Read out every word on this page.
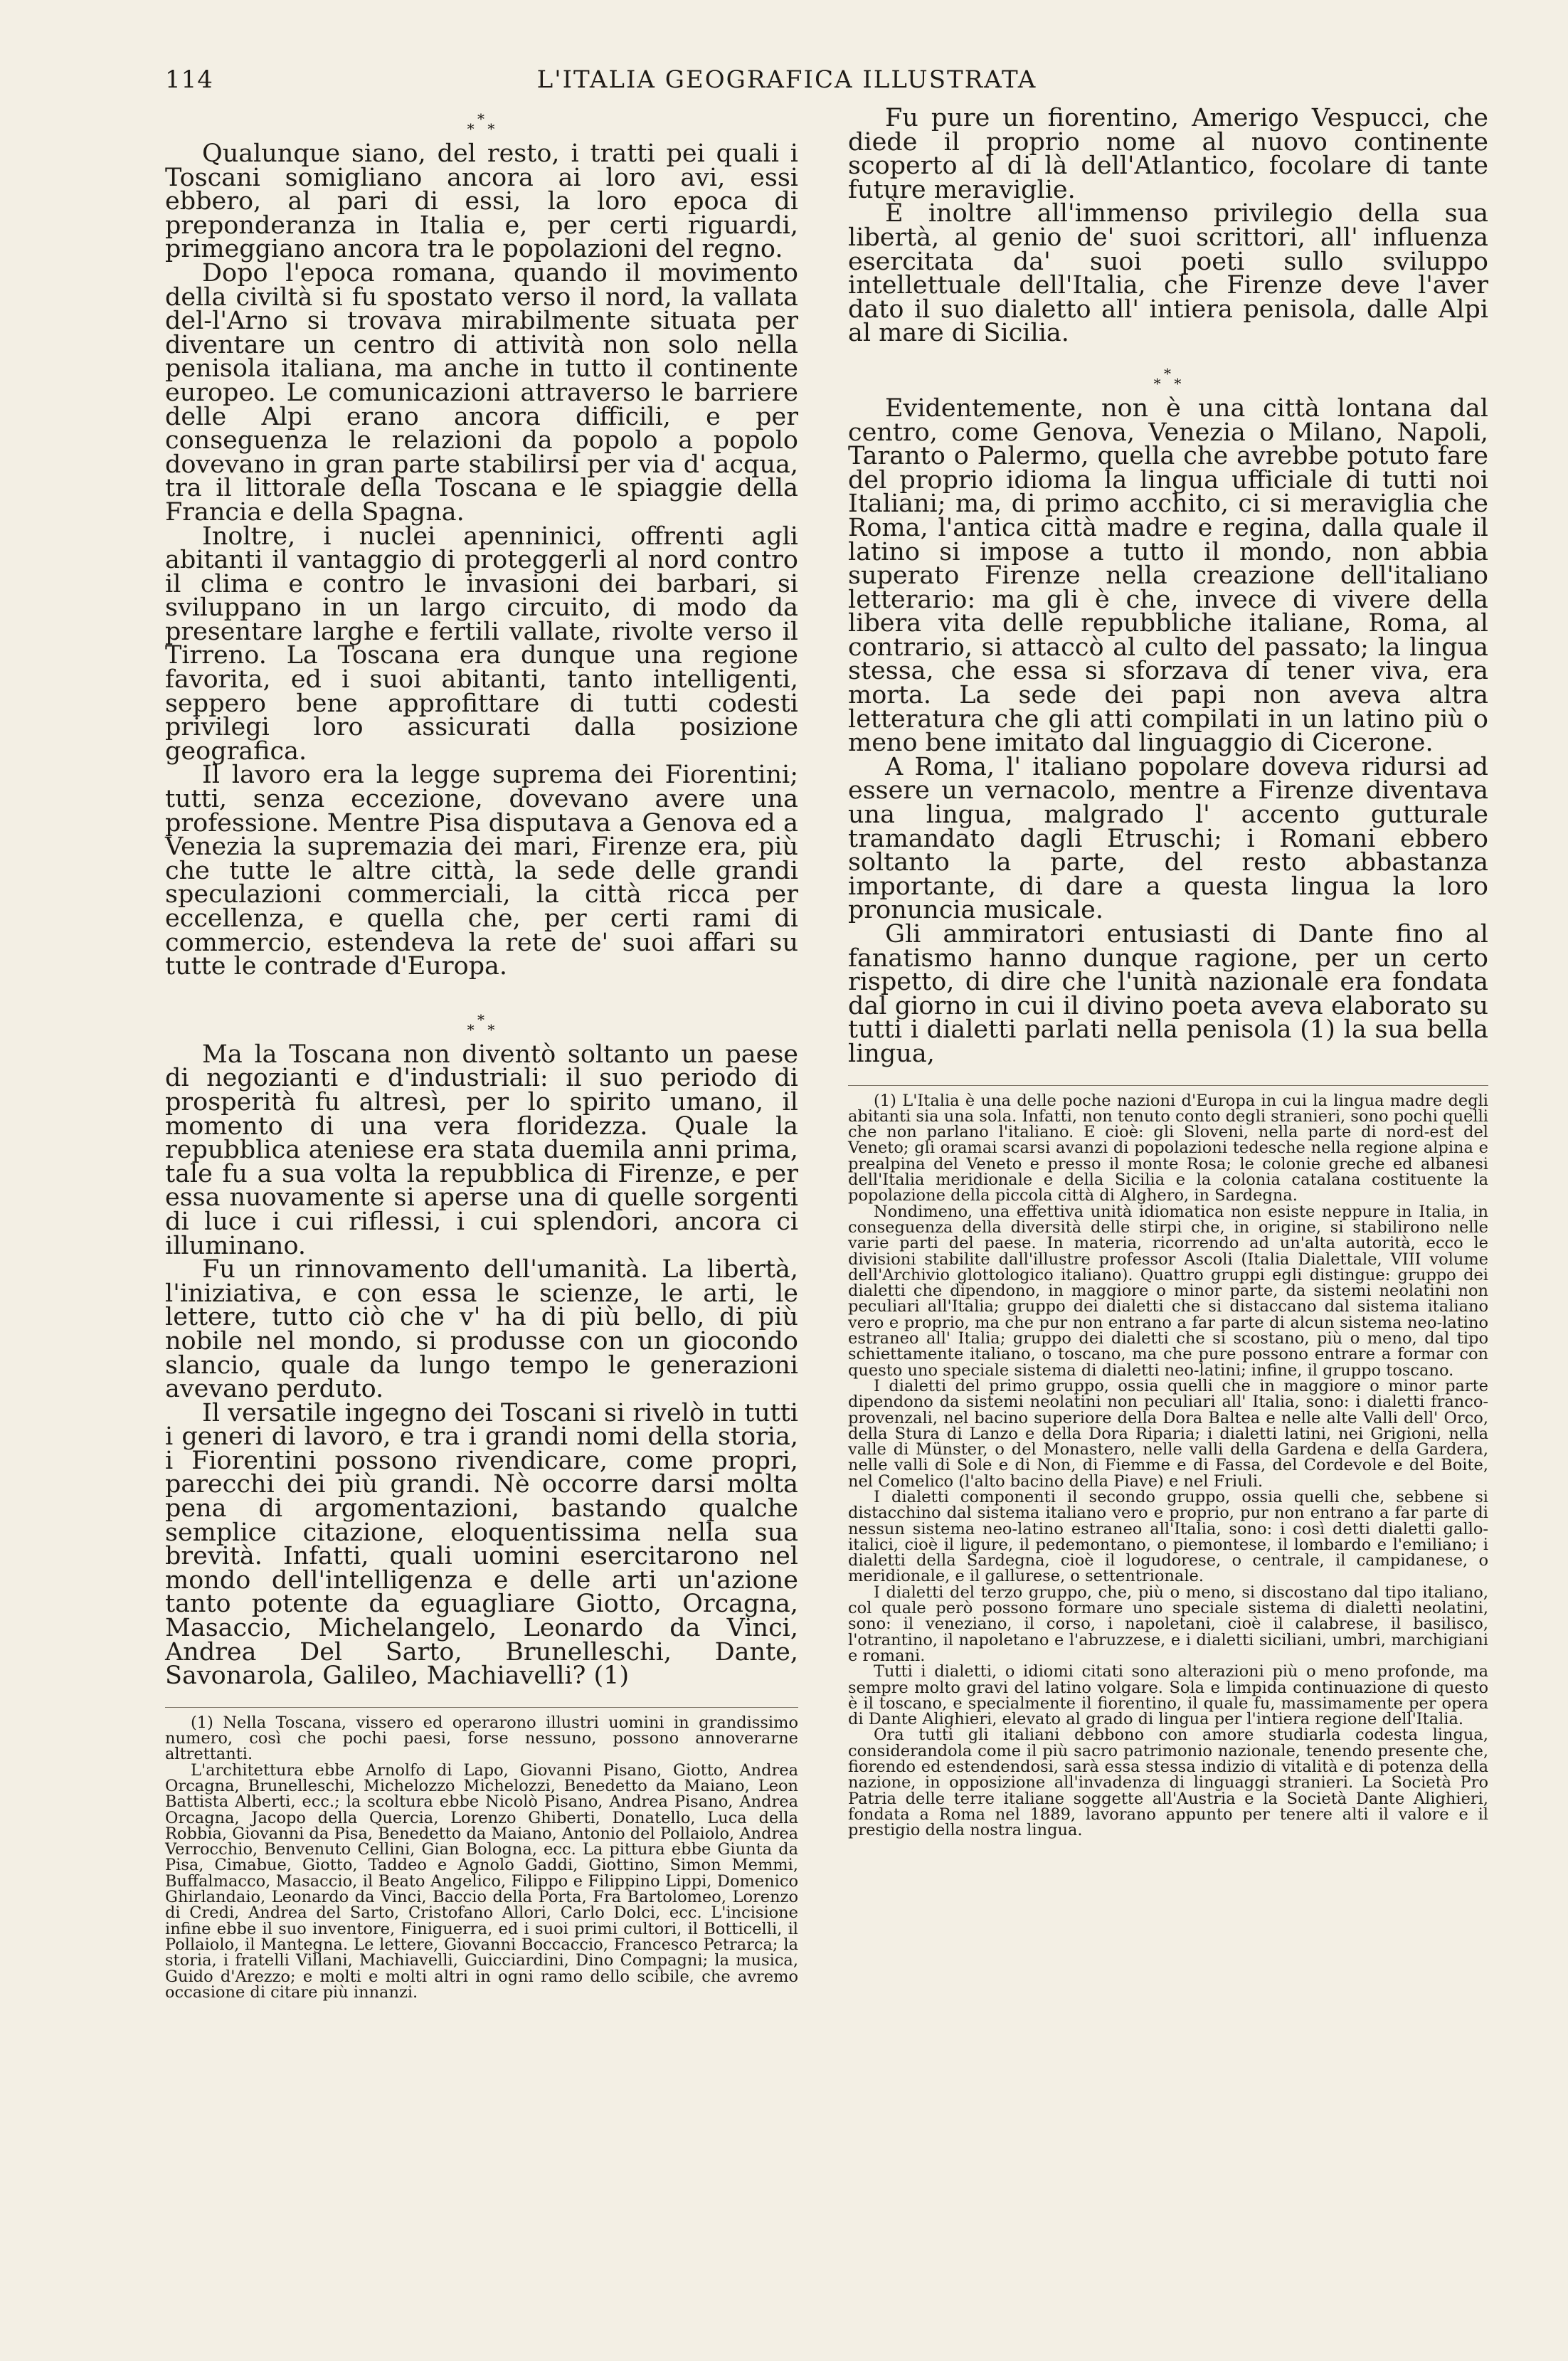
114	L'ITALIA GEOGRAFICA ILLUSTRATA
*
* *

Qualunque siano, del resto, i tratti pei quali i Toscani somigliano ancora ai loro avi, essi ebbero, al pari di essi, la loro epoca di preponderanza in Italia e, per certi riguardi, primeggiano ancora tra le popolazioni del regno.

Dopo l'epoca romana, quando il movimento della civiltà si fu spostato verso il nord, la vallata del-l'Arno si trovava mirabilmente situata per diventare un centro di attività non solo nella penisola italiana, ma anche in tutto il continente europeo. Le comunicazioni attraverso le barriere delle Alpi erano ancora difficili, e per conseguenza le relazioni da popolo a popolo dovevano in gran parte stabilirsi per via d' acqua, tra il littorale della Toscana e le spiaggie della Francia e della Spagna.

Inoltre, i nuclei apenninici, offrenti agli abitanti il vantaggio di proteggerli al nord contro il clima e contro le invasioni dei barbari, si sviluppano in un largo circuito, di modo da presentare larghe e fertili vallate, rivolte verso il Tirreno. La Toscana era dunque una regione favorita, ed i suoi abitanti, tanto intelligenti, seppero bene approfittare di tutti codesti privilegi loro assicurati dalla posizione geografica.

Il lavoro era la legge suprema dei Fiorentini; tutti, senza eccezione, dovevano avere una professione. Mentre Pisa disputava a Genova ed a Venezia la supremazia dei mari, Firenze era, più che tutte le altre città, la sede delle grandi speculazioni commerciali, la città ricca per eccellenza, e quella che, per certi rami di commercio, estendeva la rete de' suoi affari su tutte le contrade d'Europa.

*
* *

Ma la Toscana non diventò soltanto un paese di negozianti e d'industriali: il suo periodo di prosperità fu altresì, per lo spirito umano, il momento di una vera floridezza. Quale la repubblica ateniese era stata duemila anni prima, tale fu a sua volta la repubblica di Firenze, e per essa nuovamente si aperse una di quelle sorgenti di luce i cui riflessi, i cui splendori, ancora ci illuminano.

Fu un rinnovamento dell'umanità. La libertà, l'iniziativa, e con essa le scienze, le arti, le lettere, tutto ciò che v' ha di più bello, di più nobile nel mondo, si produsse con un giocondo slancio, quale da lungo tempo le generazioni avevano perduto.

Il versatile ingegno dei Toscani si rivelò in tutti i generi di lavoro, e tra i grandi nomi della storia, i Fiorentini possono rivendicare, come propri, parecchi dei più grandi. Nè occorre darsi molta pena di argomentazioni, bastando qualche semplice citazione, eloquentissima nella sua brevità. Infatti, quali uomini esercitarono nel mondo dell'intelligenza e delle arti un'azione tanto potente da eguagliare Giotto, Orcagna, Masaccio, Michelangelo, Leonardo da Vinci, Andrea Del Sarto, Brunelleschi, Dante, Savonarola, Galileo, Machiavelli? (1)

(1) Nella Toscana, vissero ed operarono illustri uomini in grandissimo numero, così che pochi paesi, forse nessuno, possono annoverarne altrettanti.

L'architettura ebbe Arnolfo di Lapo, Giovanni Pisano, Giotto, Andrea Orcagna, Brunelleschi, Michelozzo Michelozzi, Benedetto da Maiano, Leon Battista Alberti, ecc.; la scoltura ebbe Nicolò Pisano, Andrea Pisano, Andrea Orcagna, Jacopo della Quercia, Lorenzo Ghiberti, Donatello, Luca della Robbia, Giovanni da Pisa, Benedetto da Maiano, Antonio del Pollaiolo, Andrea Verrocchio, Benvenuto Cellini, Gian Bologna, ecc. La pittura ebbe Giunta da Pisa, Cimabue, Giotto, Taddeo e Agnolo Gaddi, Giottino, Simon Memmi, Buffalmacco, Masaccio, il Beato Angelico, Filippo e Filippino Lippi, Domenico Ghirlandaio, Leonardo da Vinci, Baccio della Porta, Fra Bartolomeo, Lorenzo di Credi, Andrea del Sarto, Cristofano Allori, Carlo Dolci, ecc. L'incisione infine ebbe il suo inventore, Finiguerra, ed i suoi primi cultori, il Botticelli, il Pollaiolo, il Mantegna. Le lettere, Giovanni Boccaccio, Francesco Petrarca; la storia, i fratelli Villani, Machiavelli, Guicciardini, Dino Compagni; la musica, Guido d'Arezzo; e molti e molti altri in ogni ramo dello scibile, che avremo occasione di citare più innanzi.

Fu pure un fiorentino, Amerigo Vespucci, che diede il proprio nome al nuovo continente scoperto al di là dell'Atlantico, focolare di tante future meraviglie.

È inoltre all'immenso privilegio della sua libertà, al genio de' suoi scrittori, all' influenza esercitata da' suoi poeti sullo sviluppo intellettuale dell'Italia, che Firenze deve l'aver dato il suo dialetto all' intiera penisola, dalle Alpi al mare di Sicilia.

*
* *

Evidentemente, non è una città lontana dal centro, come Genova, Venezia o Milano, Napoli, Taranto o Palermo, quella che avrebbe potuto fare del proprio idioma la lingua ufficiale di tutti noi Italiani; ma, di primo acchito, ci si meraviglia che Roma, l'antica città madre e regina, dalla quale il latino si impose a tutto il mondo, non abbia superato Firenze nella creazione dell'italiano letterario: ma gli è che, invece di vivere della libera vita delle repubbliche italiane, Roma, al contrario, si attaccò al culto del passato; la lingua stessa, che essa si sforzava di tener viva, era morta. La sede dei papi non aveva altra letteratura che gli atti compilati in un latino più o meno bene imitato dal linguaggio di Cicerone.

A Roma, l' italiano popolare doveva ridursi ad essere un vernacolo, mentre a Firenze diventava una lingua, malgrado l' accento gutturale tramandato dagli Etruschi; i Romani ebbero soltanto la parte, del resto abbastanza importante, di dare a questa lingua la loro pronuncia musicale.

Gli ammiratori entusiasti di Dante fino al fanatismo hanno dunque ragione, per un certo rispetto, di dire che l'unità nazionale era fondata dal giorno in cui il divino poeta aveva elaborato su tutti i dialetti parlati nella penisola (1) la sua bella lingua,

(1) L'Italia è una delle poche nazioni d'Europa in cui la lingua madre degli abitanti sia una sola. Infatti, non tenuto conto degli stranieri, sono pochi quelli che non parlano l'italiano. E cioè: gli Sloveni, nella parte di nord-est del Veneto; gli oramai scarsi avanzi di popolazioni tedesche nella regione alpina e prealpina del Veneto e presso il monte Rosa; le colonie greche ed albanesi dell'Italia meridionale e della Sicilia e la colonia catalana costituente la popolazione della piccola città di Alghero, in Sardegna.

Nondimeno, una effettiva unità idiomatica non esiste neppure in Italia, in conseguenza della diversità delle stirpi che, in origine, si stabilirono nelle varie parti del paese. In materia, ricorrendo ad un'alta autorità, ecco le divisioni stabilite dall'illustre professor Ascoli (Italia Dialettale, VIII volume dell'Archivio glottologico italiano). Quattro gruppi egli distingue: gruppo dei dialetti che dipendono, in maggiore o minor parte, da sistemi neolatini non peculiari all'Italia; gruppo dei dialetti che si distaccano dal sistema italiano vero e proprio, ma che pur non entrano a far parte di alcun sistema neo-latino estraneo all' Italia; gruppo dei dialetti che si scostano, più o meno, dal tipo schiettamente italiano, o toscano, ma che pure possono entrare a formar con questo uno speciale sistema di dialetti neo-latini; infine, il gruppo toscano.

I dialetti del primo gruppo, ossia quelli che in maggiore o minor parte dipendono da sistemi neolatini non peculiari all' Italia, sono: i dialetti franco-provenzali, nel bacino superiore della Dora Baltea e nelle alte Valli dell' Orco, della Stura di Lanzo e della Dora Riparia; i dialetti latini, nei Grigioni, nella valle di Münster, o del Monastero, nelle valli della Gardena e della Gardera, nelle valli di Sole e di Non, di Fiemme e di Fassa, del Cordevole e del Boite, nel Comelico (l'alto bacino della Piave) e nel Friuli.

I dialetti componenti il secondo gruppo, ossia quelli che, sebbene si distacchino dal sistema italiano vero e proprio, pur non entrano a far parte di nessun sistema neo-latino estraneo all'Italia, sono: i così detti dialetti gallo-italici, cioè il ligure, il pedemontano, o piemontese, il lombardo e l'emiliano; i dialetti della Sardegna, cioè il logudorese, o centrale, il campidanese, o meridionale, e il gallurese, o settentrionale.

I dialetti del terzo gruppo, che, più o meno, si discostano dal tipo italiano, col quale però possono formare uno speciale sistema di dialetti neolatini, sono: il veneziano, il corso, i napoletani, cioè il calabrese, il basilisco, l'otrantino, il napoletano e l'abruzzese, e i dialetti siciliani, umbri, marchigiani e romani.

Tutti i dialetti, o idiomi citati sono alterazioni più o meno profonde, ma sempre molto gravi del latino volgare. Sola e limpida continuazione di questo è il toscano, e specialmente il fiorentino, il quale fu, massimamente per opera di Dante Alighieri, elevato al grado di lingua per l'intiera regione dell'Italia.

Ora tutti gli italiani debbono con amore studiarla codesta lingua, considerandola come il più sacro patrimonio nazionale, tenendo presente che, fiorendo ed estendendosi, sarà essa stessa indizio di vitalità e di potenza della nazione, in opposizione all'invadenza di linguaggi stranieri. La Società Pro Patria delle terre italiane soggette all'Austria e la Società Dante Alighieri, fondata a Roma nel 1889, lavorano appunto per tenere alti il valore e il prestigio della nostra lingua.
